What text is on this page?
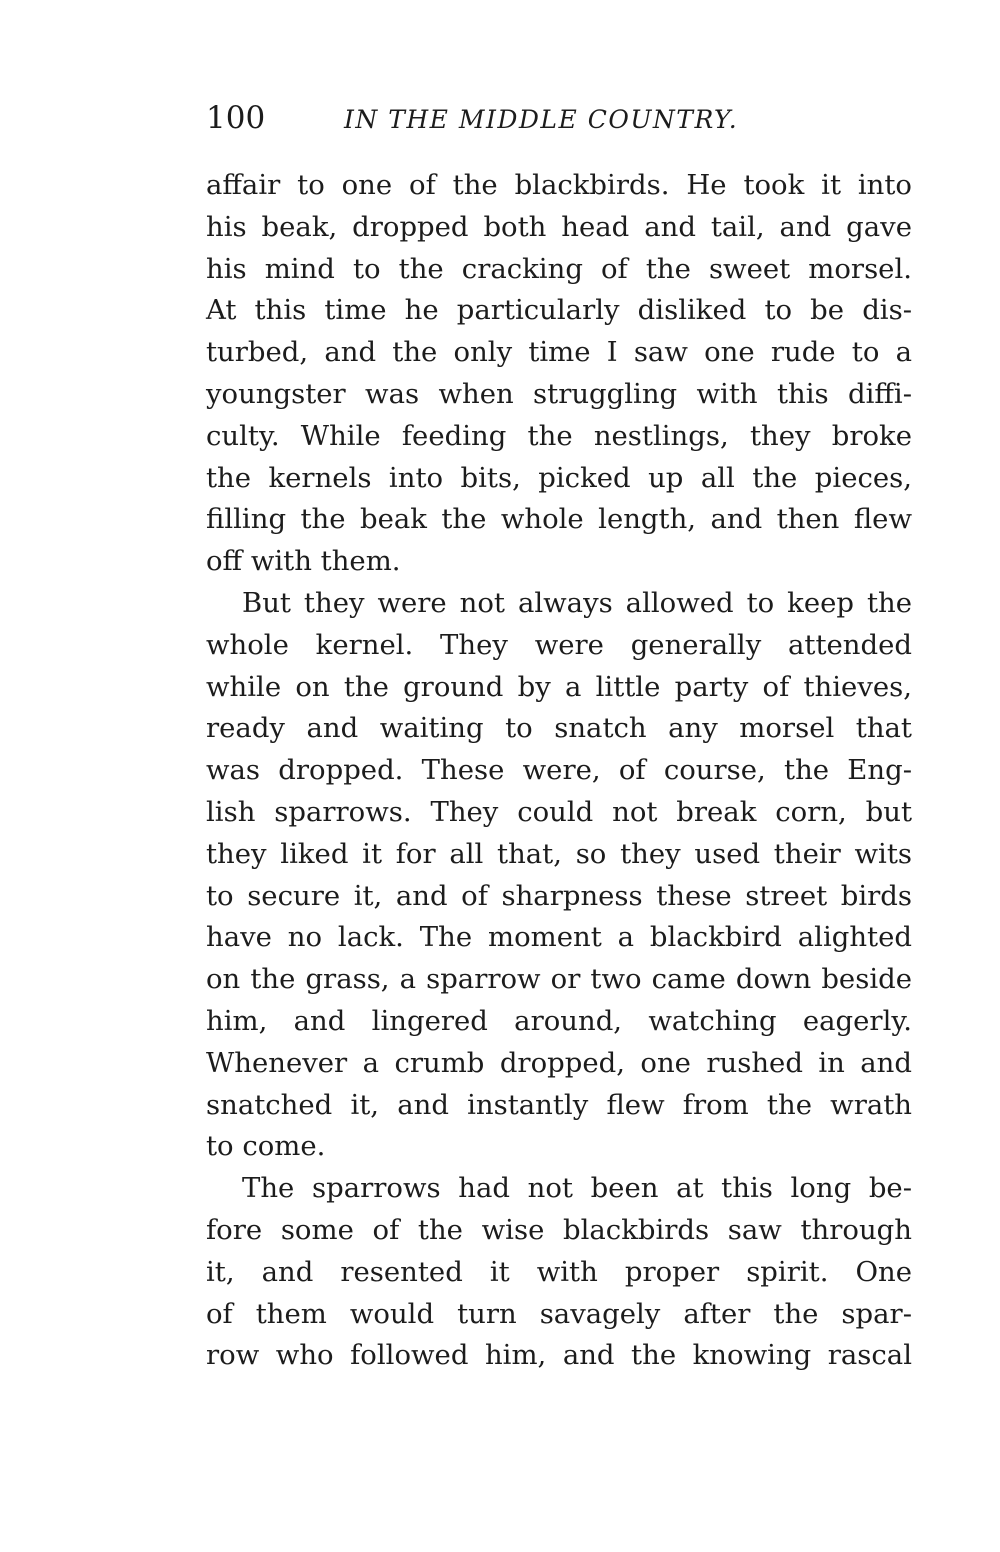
100	IN THE MIDDLE COUNTRY.

affair to one of the blackbirds. He took it into
his beak, dropped both head and tail, and gave
his mind to the cracking of the sweet morsel.
At this time he particularly disliked to be dis-
turbed, and the only time I saw one rude to a
youngster was when struggling with this diffi-
culty. While feeding the nestlings, they broke
the kernels into bits, picked up all the pieces,
filling the beak the whole length, and then flew
off with them.

But they were not always allowed to keep the
whole kernel. They were generally attended
while on the ground by a little party of thieves,
ready and waiting to snatch any morsel that
was dropped. These were, of course, the Eng-
lish sparrows. They could not break corn, but
they liked it for all that, so they used their wits
to secure it, and of sharpness these street birds
have no lack. The moment a blackbird alighted
on the grass, a sparrow or two came down beside
him, and lingered around, watching eagerly.
Whenever a crumb dropped, one rushed in and
snatched it, and instantly flew from the wrath
to come.

The sparrows had not been at this long be-
fore some of the wise blackbirds saw through
it, and resented it with proper spirit. One
of them would turn savagely after the spar-
row who followed him, and the knowing rascal
